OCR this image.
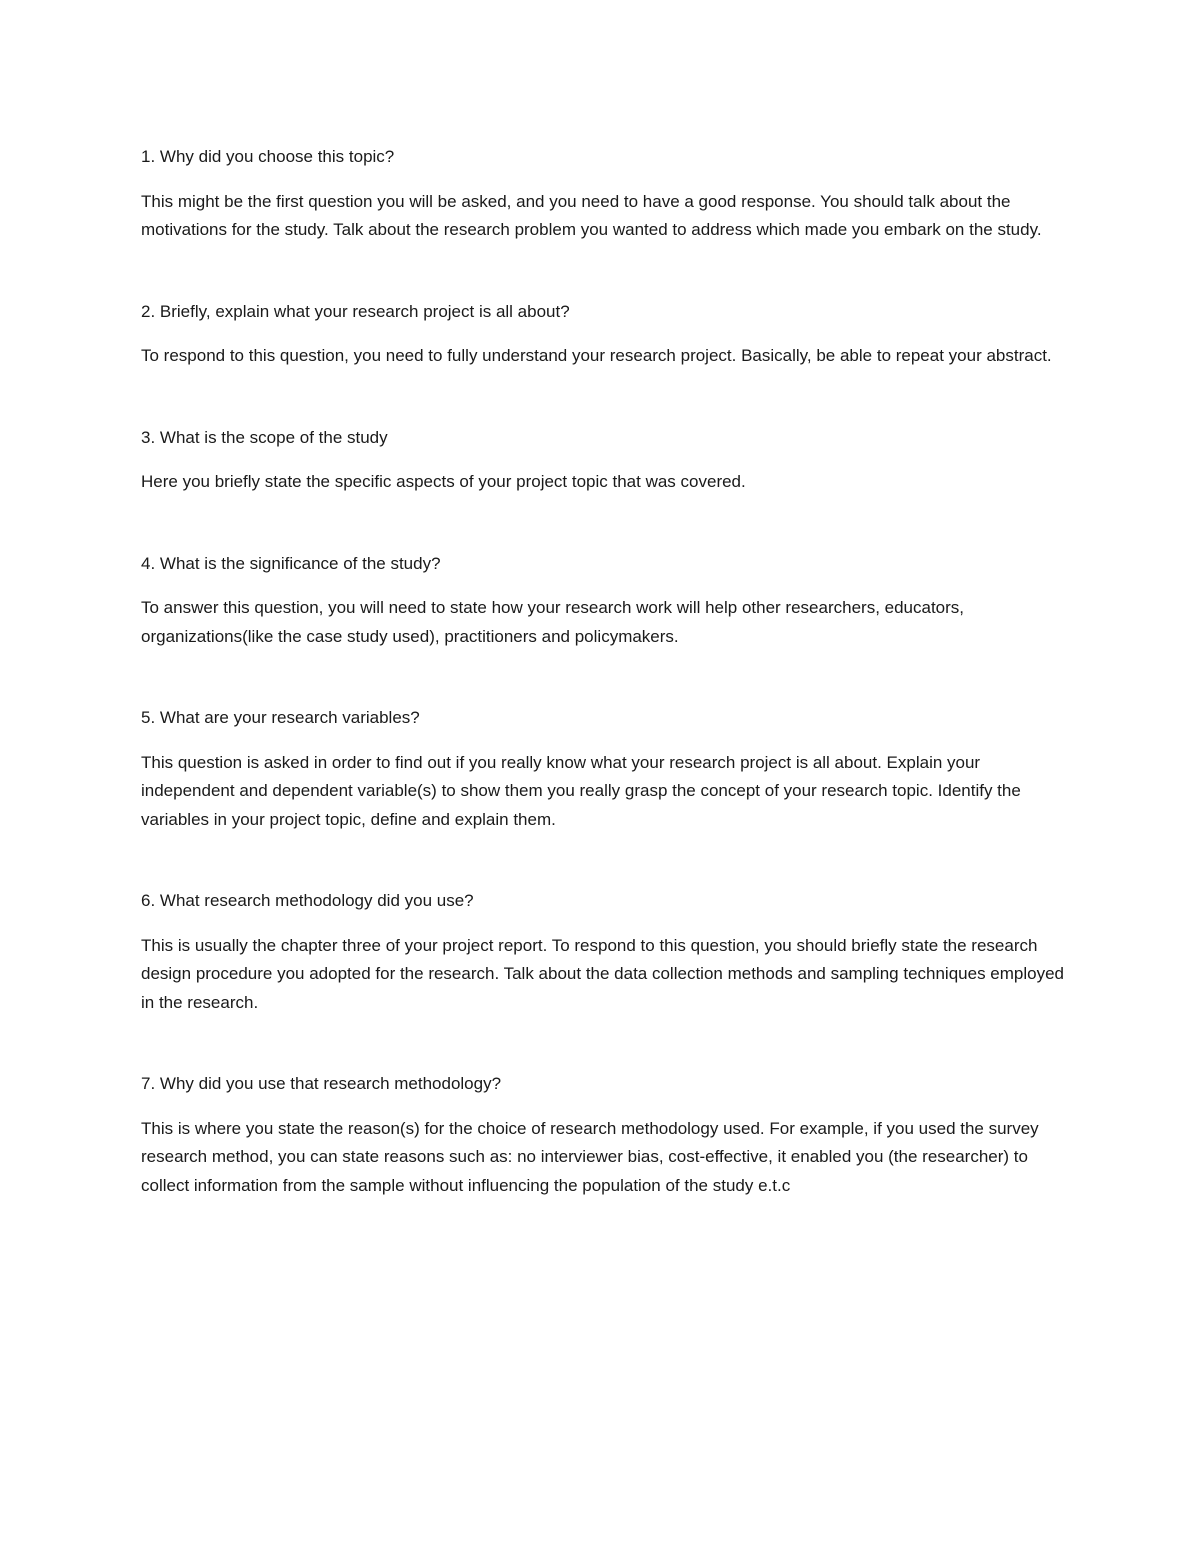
1. Why did you choose this topic?

This might be the first question you will be asked, and you need to have a good response. You should talk about the motivations for the study. Talk about the research problem you wanted to address which made you embark on the study.

2. Briefly, explain what your research project is all about?

To respond to this question, you need to fully understand your research project. Basically, be able to repeat your abstract.

3. What is the scope of the study

Here you briefly state the specific aspects of your project topic that was covered.

4. What is the significance of the study?

To answer this question, you will need to state how your research work will help other researchers, educators, organizations(like the case study used), practitioners and policymakers.

5. What are your research variables?

This question is asked in order to find out if you really know what your research project is all about. Explain your independent and dependent variable(s) to show them you really grasp the concept of your research topic. Identify the variables in your project topic, define and explain them.

6. What research methodology did you use?

This is usually the chapter three of your project report. To respond to this question, you should briefly state the research design procedure you adopted for the research. Talk about the data collection methods and sampling techniques employed in the research.

7. Why did you use that research methodology?

This is where you state the reason(s) for the choice of research methodology used. For example, if you used the survey research method, you can state reasons such as: no interviewer bias, cost-effective, it enabled you (the researcher) to collect information from the sample without influencing the population of the study e.t.c
